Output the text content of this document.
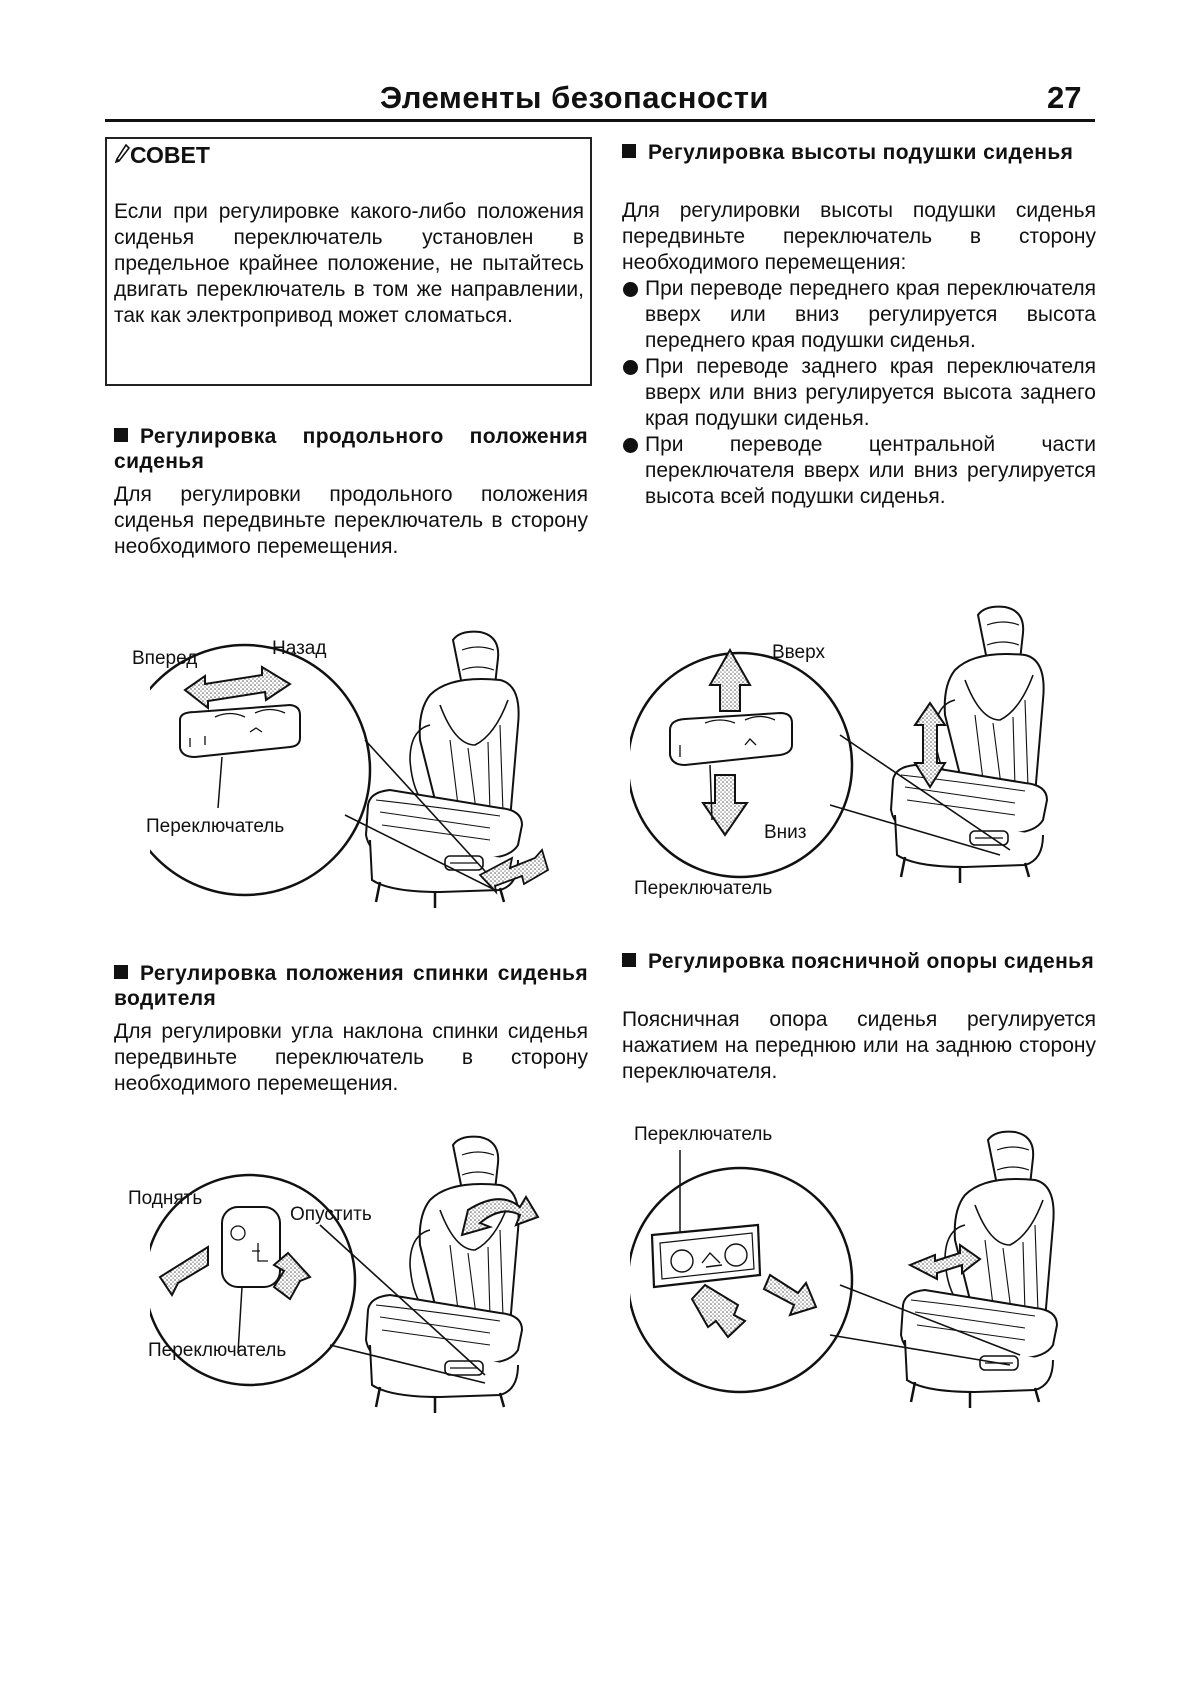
Элементы безопасности	27
СОВЕТ
Если при регулировке какого-либо положения сиденья переключатель установлен в предельное крайнее положение, не пытайтесь двигать переключатель в том же направлении, так как электропривод может сломаться.
Регулировка продольного положения сиденья
Для регулировки продольного положения сиденья передвиньте переключатель в сторону необходимого перемещения.
Регулировка высоты подушки сиденья
Для регулировки высоты подушки сиденья передвиньте переключатель в сторону необходимого перемещения:
При переводе переднего края переключателя вверх или вниз регулируется высота переднего края подушки сиденья.
При переводе заднего края переключателя вверх или вниз регулируется высота заднего края подушки сиденья.
При переводе центральной части переключателя вверх или вниз регулируется высота всей подушки сиденья.
Регулировка положения спинки сиденья водителя
Для регулировки угла наклона спинки сиденья передвиньте переключатель в сторону необходимого перемещения.
Регулировка поясничной опоры сиденья
Поясничная опора сиденья регулируется нажатием на переднюю или на заднюю сторону переключателя.
Вперед	Назад
Переключатель
Вверх
Вниз
Переключатель
Поднять
Опустить
Переключатель
Переключатель
